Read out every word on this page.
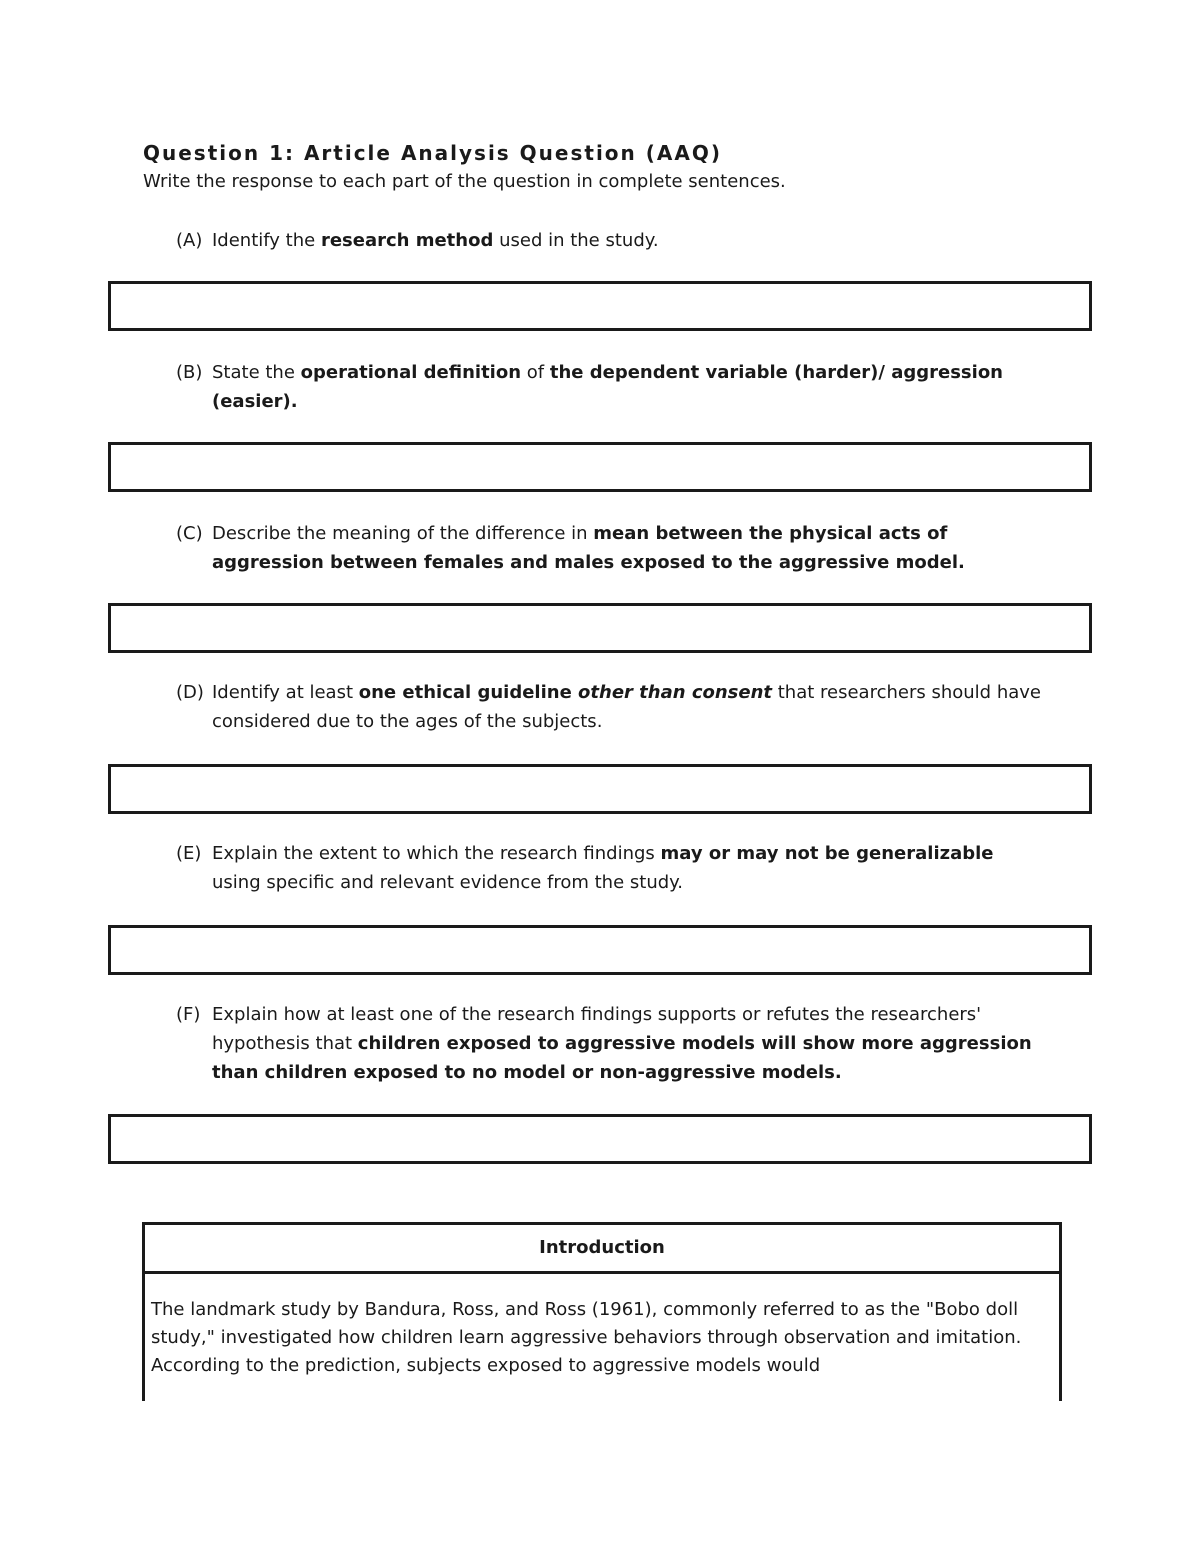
Question 1: Article Analysis Question (AAQ)
Write the response to each part of the question in complete sentences.
(A) Identify the research method used in the study.
(B) State the operational definition of the dependent variable (harder)/ aggression (easier).
(C) Describe the meaning of the difference in mean between the physical acts of aggression between females and males exposed to the aggressive model.
(D) Identify at least one ethical guideline other than consent that researchers should have considered due to the ages of the subjects.
(E) Explain the extent to which the research findings may or may not be generalizable using specific and relevant evidence from the study.
(F) Explain how at least one of the research findings supports or refutes the researchers' hypothesis that children exposed to aggressive models will show more aggression than children exposed to no model or non-aggressive models.
Introduction
The landmark study by Bandura, Ross, and Ross (1961), commonly referred to as the "Bobo doll study," investigated how children learn aggressive behaviors through observation and imitation. According to the prediction, subjects exposed to aggressive models would
